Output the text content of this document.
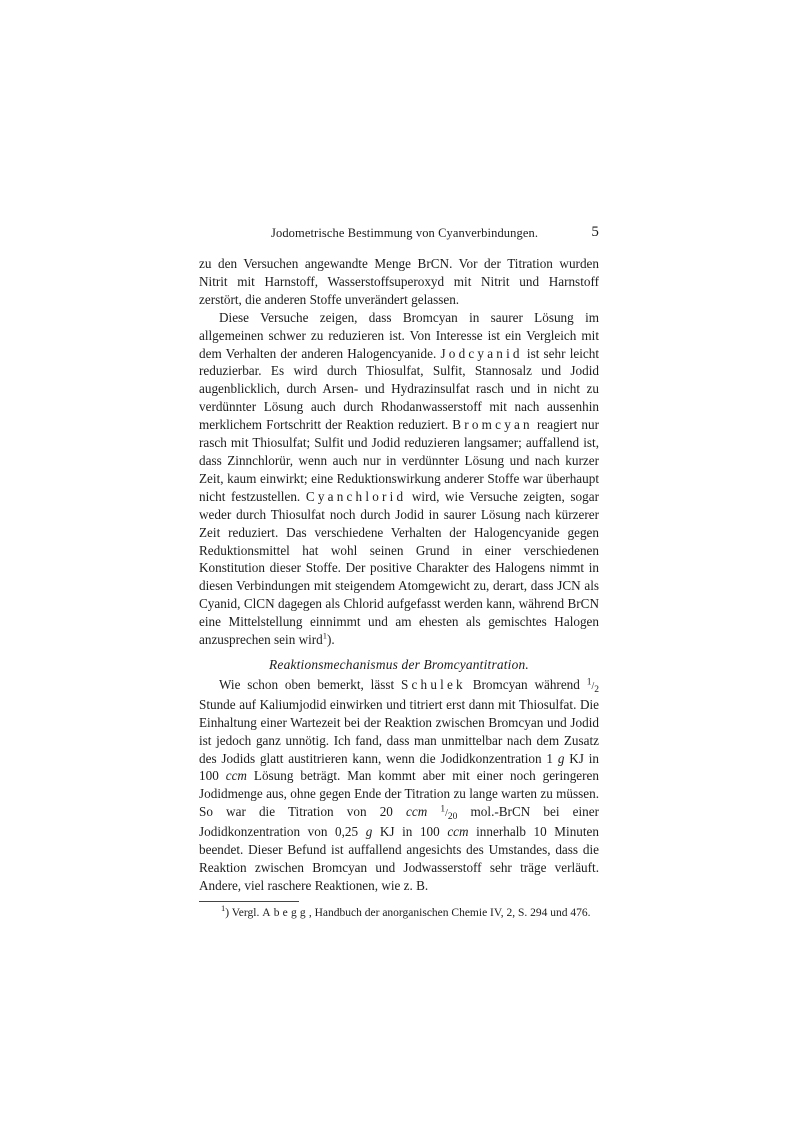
Jodometrische Bestimmung von Cyanverbindungen.	5

zu den Versuchen angewandte Menge BrCN. Vor der Titration wurden Nitrit mit Harnstoff, Wasserstoffsuperoxyd mit Nitrit und Harnstoff zerstört, die anderen Stoffe unverändert gelassen.

Diese Versuche zeigen, dass Bromcyan in saurer Lösung im allgemeinen schwer zu reduzieren ist. Von Interesse ist ein Vergleich mit dem Verhalten der anderen Halogencyanide. Jodcyanid ist sehr leicht reduzierbar. Es wird durch Thiosulfat, Sulfit, Stannosalz und Jodid augenblicklich, durch Arsen- und Hydrazinsulfat rasch und in nicht zu verdünnter Lösung auch durch Rhodanwasserstoff mit nach aussenhin merklichem Fortschritt der Reaktion reduziert. Bromcyan reagiert nur rasch mit Thiosulfat; Sulfit und Jodid reduzieren langsamer; auffallend ist, dass Zinnchlorür, wenn auch nur in verdünnter Lösung und nach kurzer Zeit, kaum einwirkt; eine Reduktionswirkung anderer Stoffe war überhaupt nicht festzustellen. Cyanchlorid wird, wie Versuche zeigten, sogar weder durch Thiosulfat noch durch Jodid in saurer Lösung nach kürzerer Zeit reduziert. Das verschiedene Verhalten der Halogencyanide gegen Reduktionsmittel hat wohl seinen Grund in einer verschiedenen Konstitution dieser Stoffe. Der positive Charakter des Halogens nimmt in diesen Verbindungen mit steigendem Atomgewicht zu, derart, dass JCN als Cyanid, ClCN dagegen als Chlorid aufgefasst werden kann, während BrCN eine Mittelstellung einnimmt und am ehesten als gemischtes Halogen anzusprechen sein wird$^1$).

Reaktionsmechanismus der Bromcyantitration.

Wie schon oben bemerkt, lässt Schulek Bromcyan während $^1/_2$ Stunde auf Kaliumjodid einwirken und titriert erst dann mit Thiosulfat. Die Einhaltung einer Wartezeit bei der Reaktion zwischen Bromcyan und Jodid ist jedoch ganz unnötig. Ich fand, dass man unmittelbar nach dem Zusatz des Jodids glatt austitrieren kann, wenn die Jodidkonzentration 1 g KJ in 100 ccm Lösung beträgt. Man kommt aber mit einer noch geringeren Jodidmenge aus, ohne gegen Ende der Titration zu lange warten zu müssen. So war die Titration von 20 ccm $^1/_{20}$ mol.-BrCN bei einer Jodidkonzentration von 0,25 g KJ in 100 ccm innerhalb 10 Minuten beendet. Dieser Befund ist auffallend angesichts des Umstandes, dass die Reaktion zwischen Bromcyan und Jodwasserstoff sehr träge verläuft. Andere, viel raschere Reaktionen, wie z. B.

$^1$) Vergl. Abegg, Handbuch der anorganischen Chemie IV, 2, S. 294 und 476.
